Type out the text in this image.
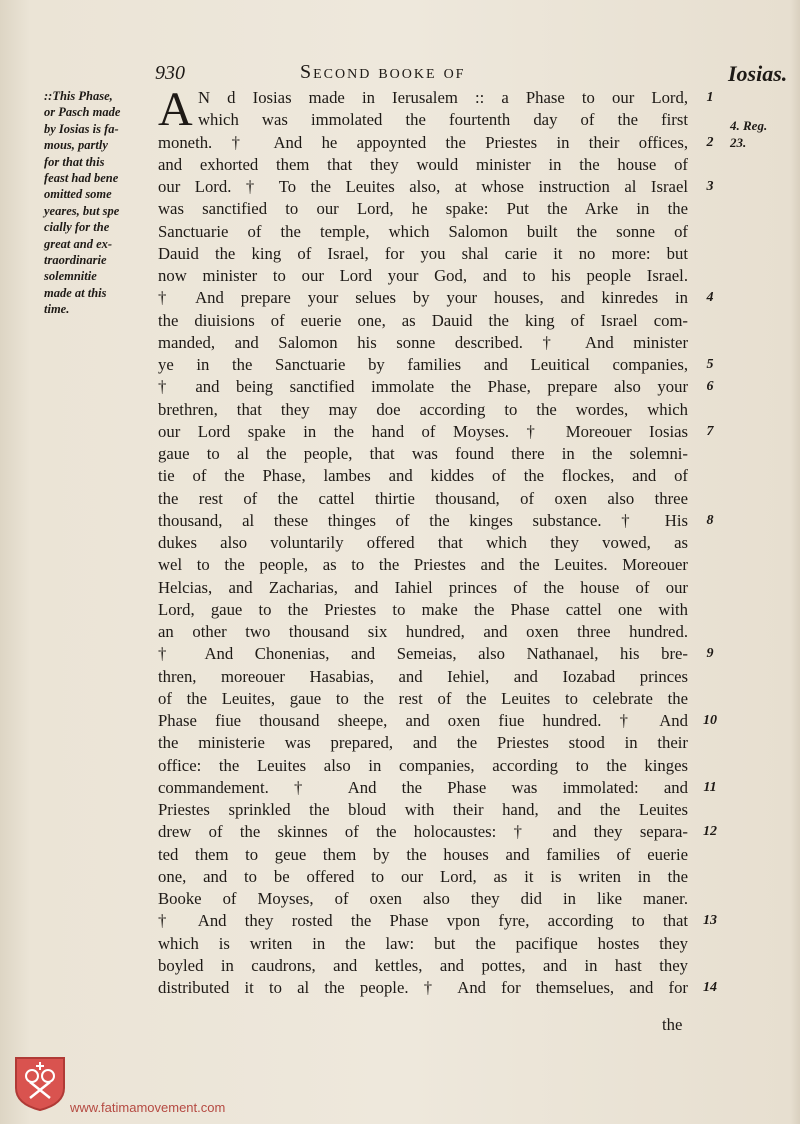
930	Second booke of	Iosias.
::This Phase,
or Pasch made
by Iosias is fa-
mous, partly
for that this
feast had bene
omitted some
yeares, but spe
cially for the
great and ex-
traordinarie
solemnitie
made at this
time.
4. Reg.
23.
A N d Iosias made in Ierusalem :: a Phase to our Lord,
which was immolated the fourtenth day of the first
moneth. † And he appoynted the Priestes in their offices,
and exhorted them that they would minister in the house of
our Lord. † To the Leuites also, at whose instruction al Israel
was sanctified to our Lord, he spake: Put the Arke in the
Sanctuarie of the temple, which Salomon built the sonne of
Dauid the king of Israel, for you shal carie it no more: but
now minister to our Lord your God, and to his people Israel.
† And prepare your selues by your houses, and kinredes in
the diuisions of euerie one, as Dauid the king of Israel com-
manded, and Salomon his sonne described. † And minister
ye in the Sanctuarie by families and Leuitical companies,
† and being sanctified immolate the Phase, prepare also your
brethren, that they may doe according to the wordes, which
our Lord spake in the hand of Moyses. † Moreouer Iosias
gaue to al the people, that was found there in the solemni-
tie of the Phase, lambes and kiddes of the flockes, and of
the rest of the cattel thirtie thousand, of oxen also three
thousand, al these thinges of the kinges substance. † His
dukes also voluntarily offered that which they vowed, as
wel to the people, as to the Priestes and the Leuites. Moreouer
Helcias, and Zacharias, and Iahiel princes of the house of our
Lord, gaue to the Priestes to make the Phase cattel one with
an other two thousand six hundred, and oxen three hundred.
† And Chonenias, and Semeias, also Nathanael, his bre-
thren, moreouer Hasabias, and Iehiel, and Iozabad princes
of the Leuites, gaue to the rest of the Leuites to celebrate the
Phase fiue thousand sheepe, and oxen fiue hundred. † And
the ministerie was prepared, and the Priestes stood in their
office: the Leuites also in companies, according to the kinges
commandement. † And the Phase was immolated: and
Priestes sprinkled the bloud with their hand, and the Leuites
drew of the skinnes of the holocaustes: † and they separa-
ted them to geue them by the houses and families of euerie
one, and to be offered to our Lord, as it is writen in the
Booke of Moyses, of oxen also they did in like maner.
† And they rosted the Phase vpon fyre, according to that
which is writen in the law: but the pacifique hostes they
boyled in caudrons, and kettles, and pottes, and in hast they
distributed it to al the people. † And for themselues, and for
1
2
3
4
5
6
7
8
9
10
11
12
13
14
the
www.fatimamovement.com
